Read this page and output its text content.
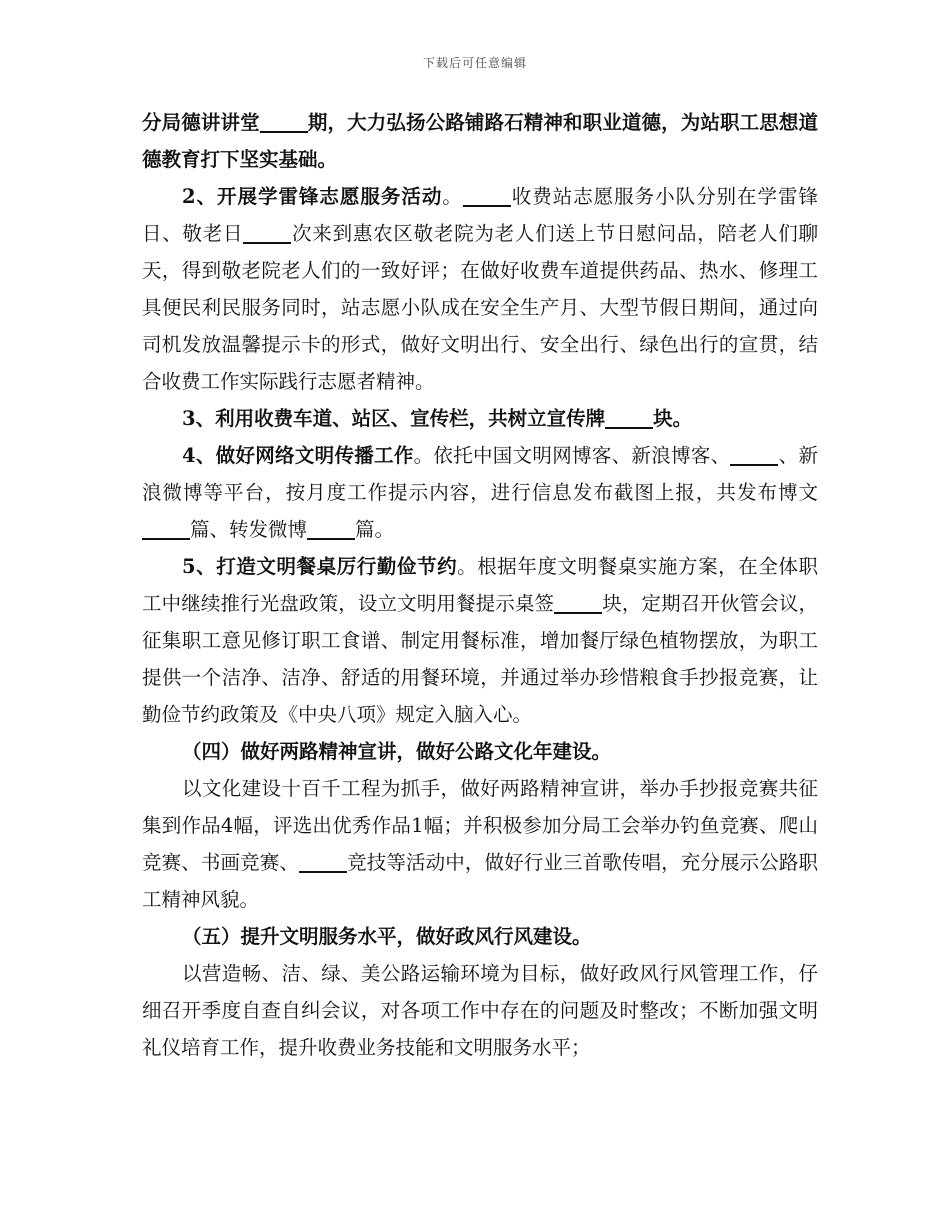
下载后可任意编辑

分局德讲讲堂 期，大力弘扬公路铺路石精神和职业道德，为站职工思想道德教育打下坚实基础。

2、开展学雷锋志愿服务活动。 收费站志愿服务小队分别在学雷锋日、敬老日 次来到惠农区敬老院为老人们送上节日慰问品，陪老人们聊天，得到敬老院老人们的一致好评；在做好收费车道提供药品、热水、修理工具便民利民服务同时，站志愿小队成在安全生产月、大型节假日期间，通过向司机发放温馨提示卡的形式，做好文明出行、安全出行、绿色出行的宣贯，结合收费工作实际践行志愿者精神。

3、利用收费车道、站区、宣传栏，共树立宣传牌 块。

4、做好网络文明传播工作。依托中国文明网博客、新浪博客、 、新浪微博等平台，按月度工作提示内容，进行信息发布截图上报，共发布博文篇、转发微博 篇。

5、打造文明餐桌厉行勤俭节约。根据年度文明餐桌实施方案，在全体职工中继续推行光盘政策，设立文明用餐提示桌签 块，定期召开伙管会议，征集职工意见修订职工食谱、制定用餐标准，增加餐厅绿色植物摆放，为职工提供一个洁净、洁净、舒适的用餐环境，并通过举办珍惜粮食手抄报竞赛，让勤俭节约政策及《中央八项》规定入脑入心。

（四）做好两路精神宣讲，做好公路文化年建设。

以文化建设十百千工程为抓手，做好两路精神宣讲，举办手抄报竞赛共征集到作品4幅，评选出优秀作品1幅；并积极参加分局工会举办钓鱼竞赛、爬山竞赛、书画竞赛、 竞技等活动中，做好行业三首歌传唱，充分展示公路职工精神风貌。

（五）提升文明服务水平，做好政风行风建设。

以营造畅、洁、绿、美公路运输环境为目标，做好政风行风管理工作，仔细召开季度自查自纠会议，对各项工作中存在的问题及时整改；不断加强文明礼仪培育工作，提升收费业务技能和文明服务水平；
